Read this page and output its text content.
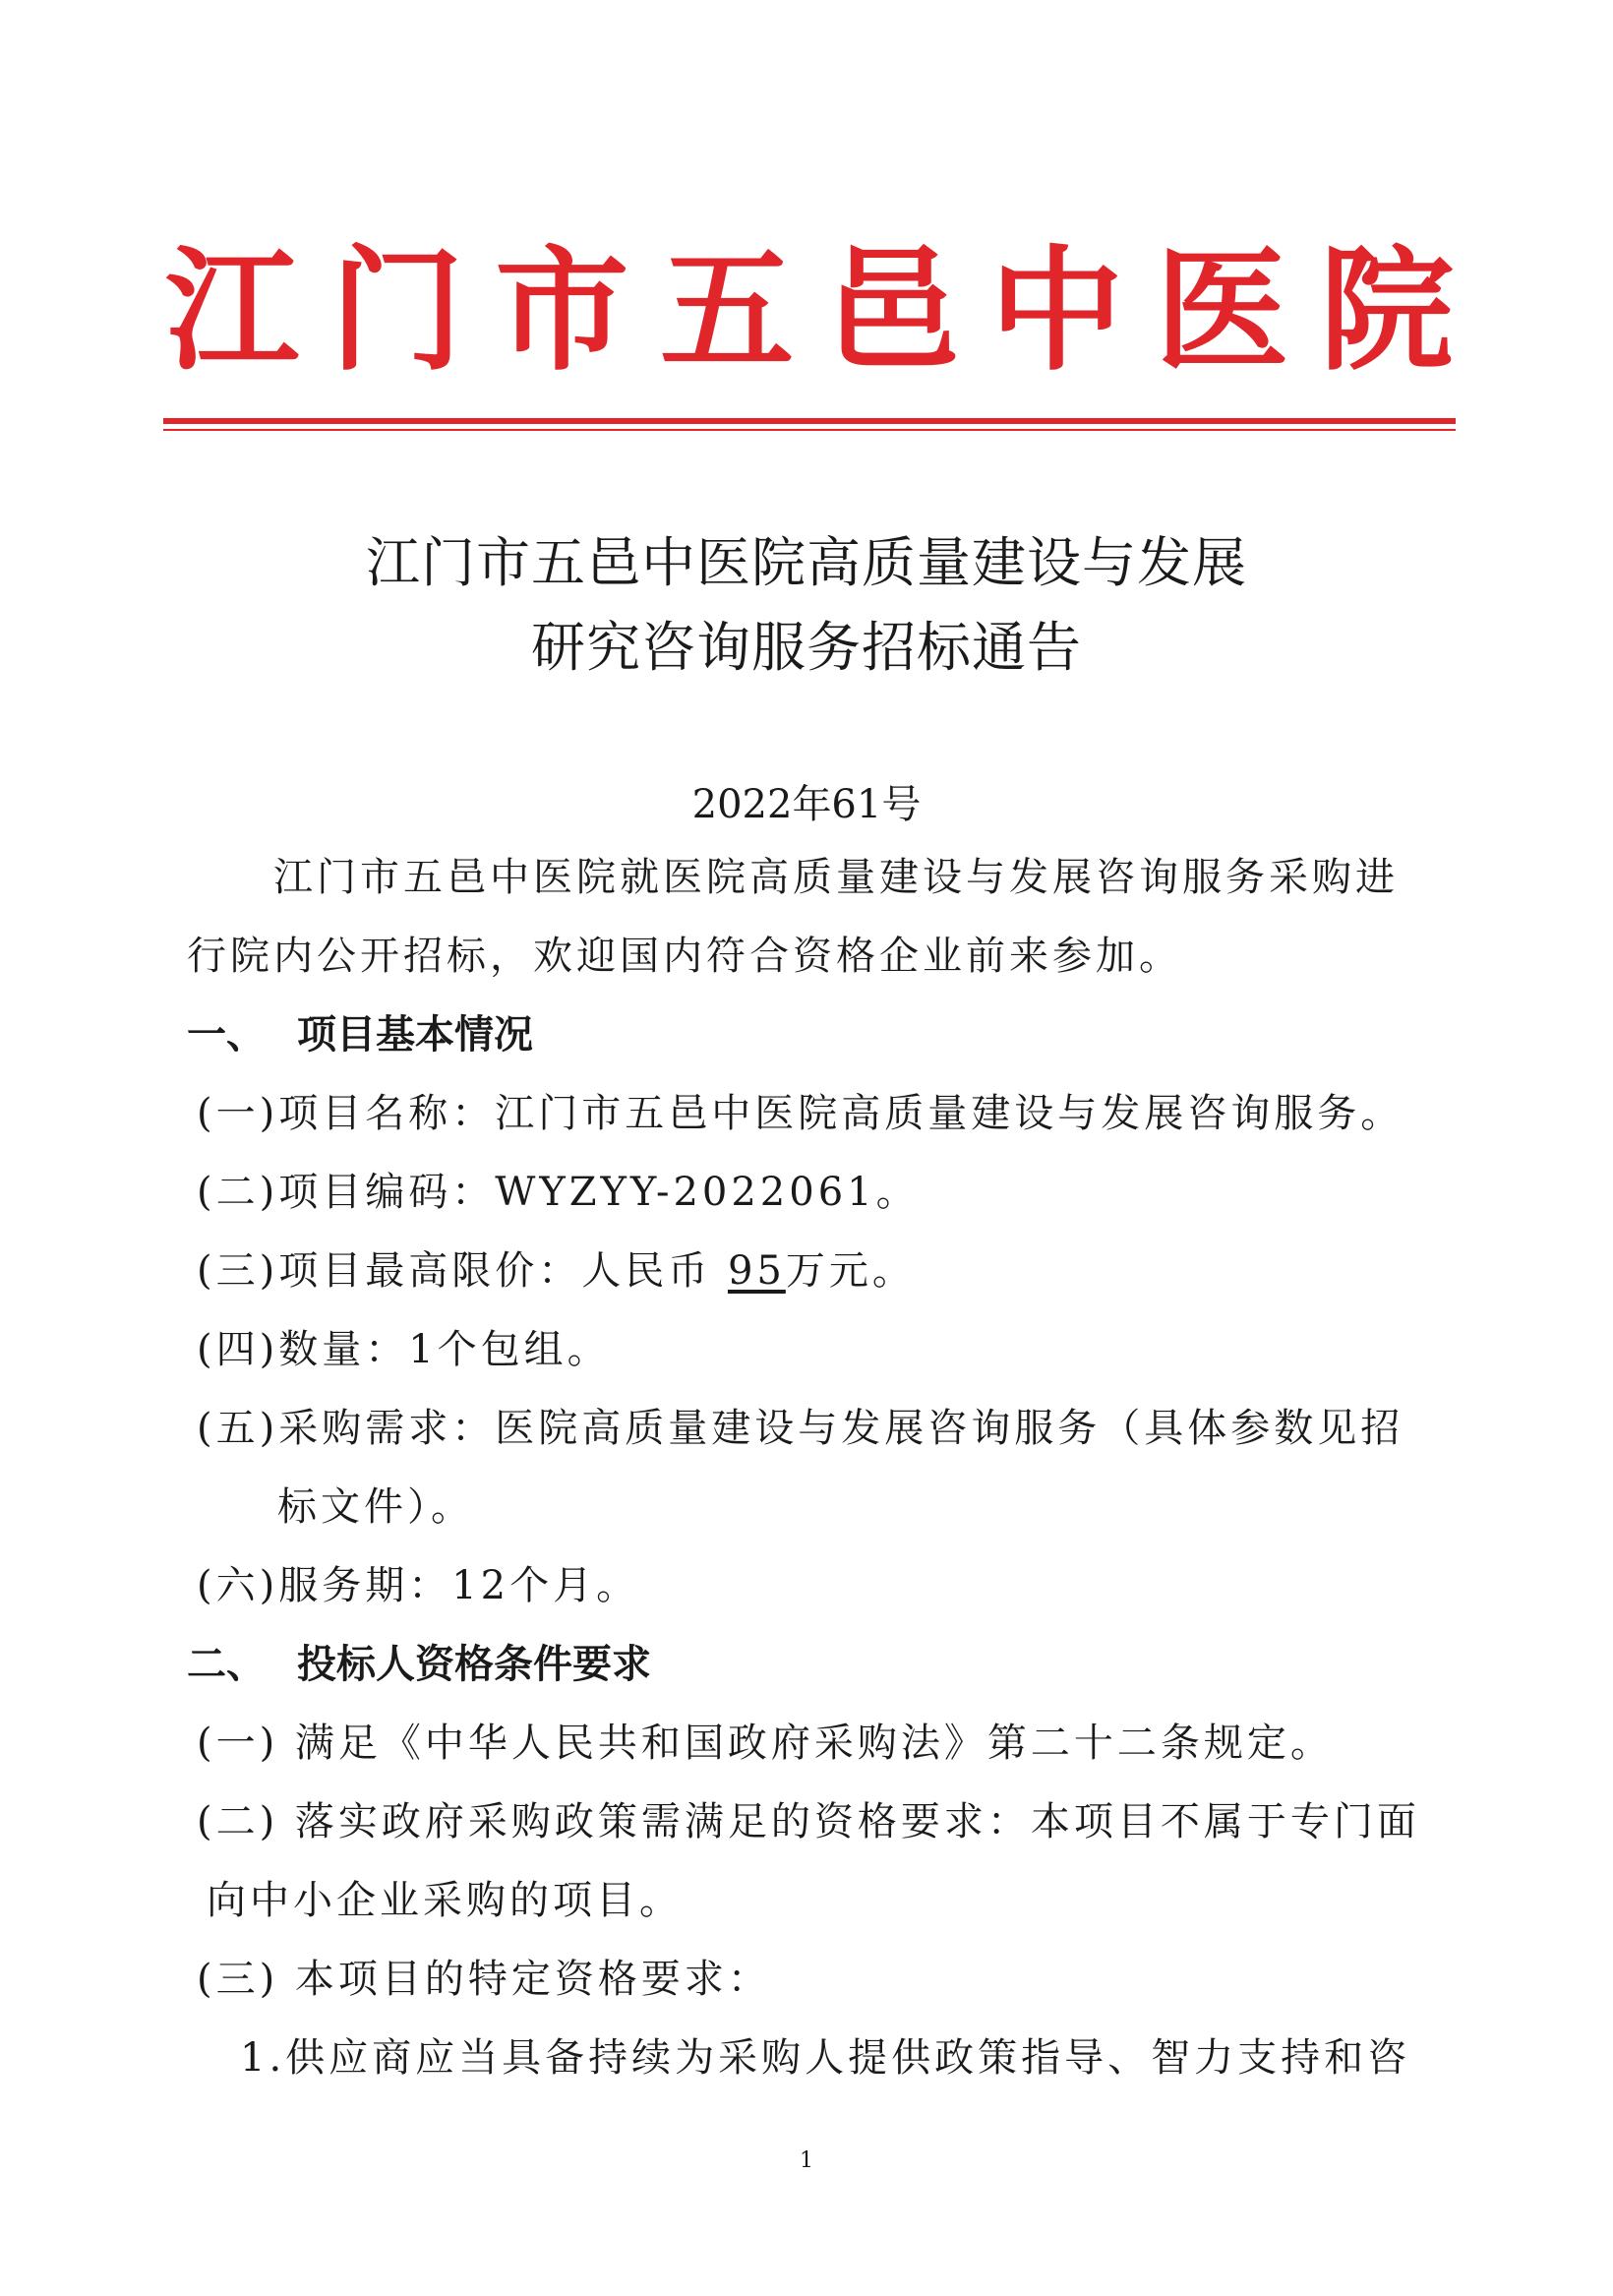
江 门 市 五 邑 中 医 院
江门市五邑中医院高质量建设与发展
研究咨询服务招标通告
2022年61号
江门市五邑中医院就医院高质量建设与发展咨询服务采购进
行院内公开招标，欢迎国内符合资格企业前来参加。
一、 项目基本情况
(一)项目名称：江门市五邑中医院高质量建设与发展咨询服务。
(二)项目编码：WYZYY-2022061。
(三)项目最高限价：人民币 95万元。
(四)数量：1个包组。
(五)采购需求：医院高质量建设与发展咨询服务（具体参数见招
标文件）。
(六)服务期：12个月。
二、 投标人资格条件要求
(一) 满足《中华人民共和国政府采购法》第二十二条规定。
(二) 落实政府采购政策需满足的资格要求：本项目不属于专门面
向中小企业采购的项目。
(三) 本项目的特定资格要求：
1.供应商应当具备持续为采购人提供政策指导、智力支持和咨
1
